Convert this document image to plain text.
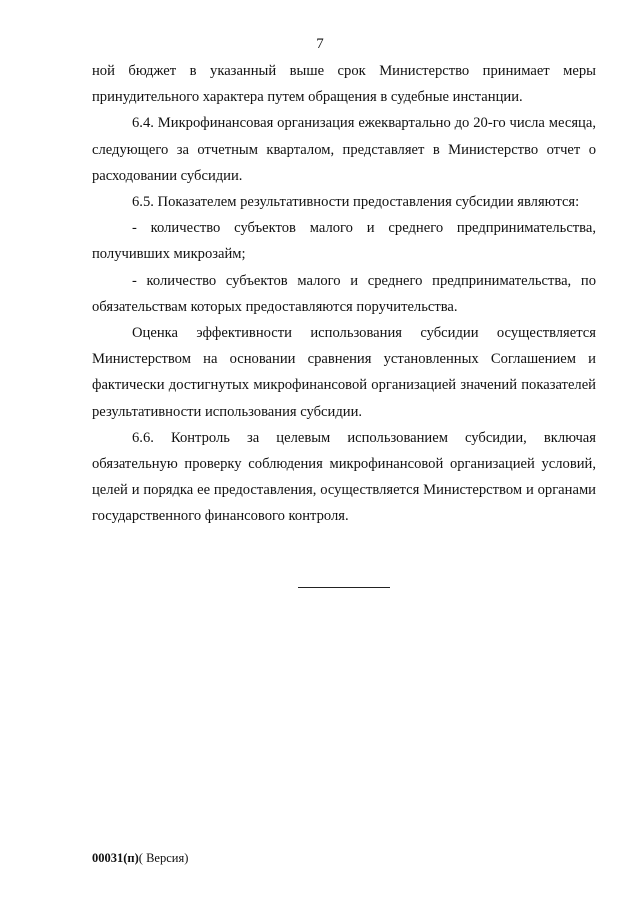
7

ной бюджет в указанный выше срок Министерство принимает меры принудительного характера путем обращения в судебные инстанции.

6.4. Микрофинансовая организация ежеквартально до 20-го числа месяца, следующего за отчетным кварталом, представляет в Министерство отчет о расходовании субсидии.

6.5. Показателем результативности предоставления субсидии являются:

- количество субъектов малого и среднего предпринимательства, получивших микрозайм;

- количество субъектов малого и среднего предпринимательства, по обязательствам которых предоставляются поручительства.

Оценка эффективности использования субсидии осуществляется Министерством на основании сравнения установленных Соглашением и фактически достигнутых микрофинансовой организацией значений показателей результативности использования субсидии.

6.6. Контроль за целевым использованием субсидии, включая обязательную проверку соблюдения микрофинансовой организацией условий, целей и порядка ее предоставления, осуществляется Министерством и органами государственного финансового контроля.

00031(п)( Версия)
